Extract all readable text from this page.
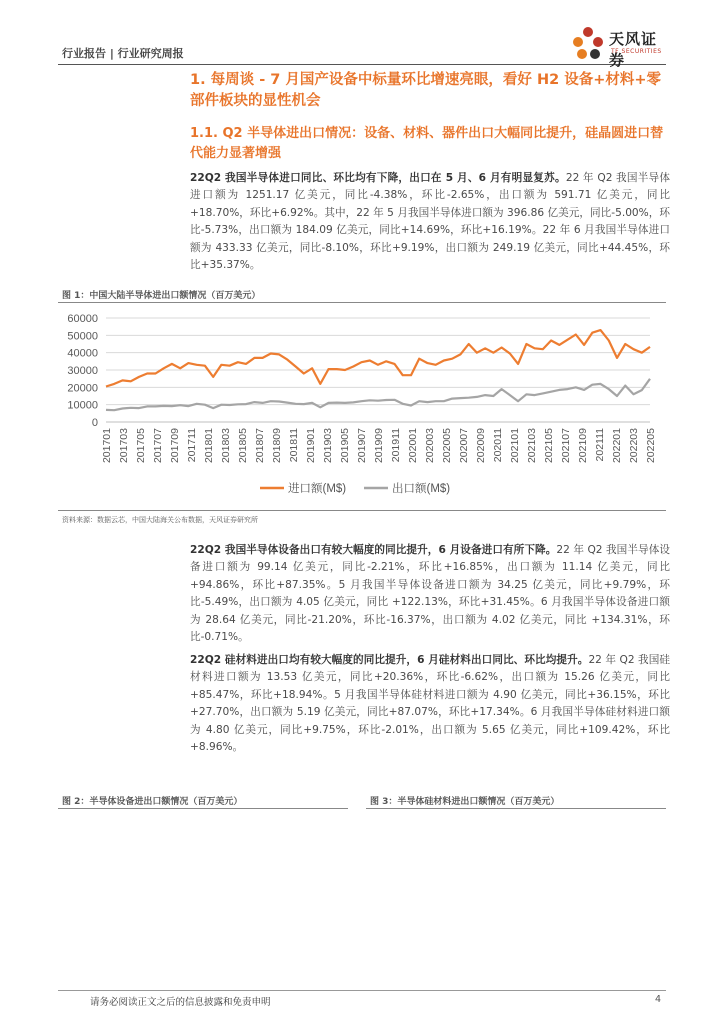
行业报告 | 行业研究周报
天风证券
TF SECURITIES
1. 每周谈 - 7 月国产设备中标量环比增速亮眼，看好 H2 设备+材料+零部件板块的显性机会
1.1. Q2 半导体进出口情况：设备、材料、器件出口大幅同比提升，硅晶圆进口替代能力显著增强
22Q2 我国半导体进口同比、环比均有下降，出口在 5 月、6 月有明显复苏。22 年 Q2 我国半导体进口额为 1251.17 亿美元，同比-4.38%，环比-2.65%，出口额为 591.71 亿美元，同比+18.70%，环比+6.92%。其中，22 年 5 月我国半导体进口额为 396.86 亿美元，同比-5.00%，环比-5.73%，出口额为 184.09 亿美元，同比+14.69%，环比+16.19%。22 年 6 月我国半导体进口额为 433.33 亿美元，同比-8.10%，环比+9.19%，出口额为 249.19 亿美元，同比+44.45%，环比+35.37%。
图 1：中国大陆半导体进出口额情况（百万美元）
0
10000
20000
30000
40000
50000
60000
201701 201703 201705 201707 201709 201711 201801 201803 201805 201807 201809 201811 201901 201903 201905 201907 201909 201911 202001 202003 202005 202007 202009 202011 202101 202103 202105 202107 202109 202111 202201 202203 202205
进口额(M$)	出口额(M$)
资料来源：数据云芯，中国大陆海关公布数据，天风证券研究所
22Q2 我国半导体设备出口有较大幅度的同比提升，6 月设备进口有所下降。22 年 Q2 我国半导体设备进口额为 99.14 亿美元，同比-2.21%，环比+16.85%，出口额为 11.14 亿美元，同比+94.86%，环比+87.35%。5 月我国半导体设备进口额为 34.25 亿美元，同比+9.79%，环比-5.49%，出口额为 4.05 亿美元，同比 +122.13%，环比+31.45%。6 月我国半导体设备进口额为 28.64 亿美元，同比-21.20%，环比-16.37%，出口额为 4.02 亿美元，同比 +134.31%，环比-0.71%。
22Q2 硅材料进出口均有较大幅度的同比提升，6 月硅材料出口同比、环比均提升。22 年 Q2 我国硅材料进口额为 13.53 亿美元，同比+20.36%，环比-6.62%，出口额为 15.26 亿美元，同比+85.47%，环比+18.94%。5 月我国半导体硅材料进口额为 4.90 亿美元，同比+36.15%，环比+27.70%，出口额为 5.19 亿美元，同比+87.07%，环比+17.34%。6 月我国半导体硅材料进口额为 4.80 亿美元，同比+9.75%，环比-2.01%，出口额为 5.65 亿美元，同比+109.42%，环比+8.96%。
图 2：半导体设备进出口额情况（百万美元）	图 3：半导体硅材料进出口额情况（百万美元）
请务必阅读正文之后的信息披露和免责申明	4
